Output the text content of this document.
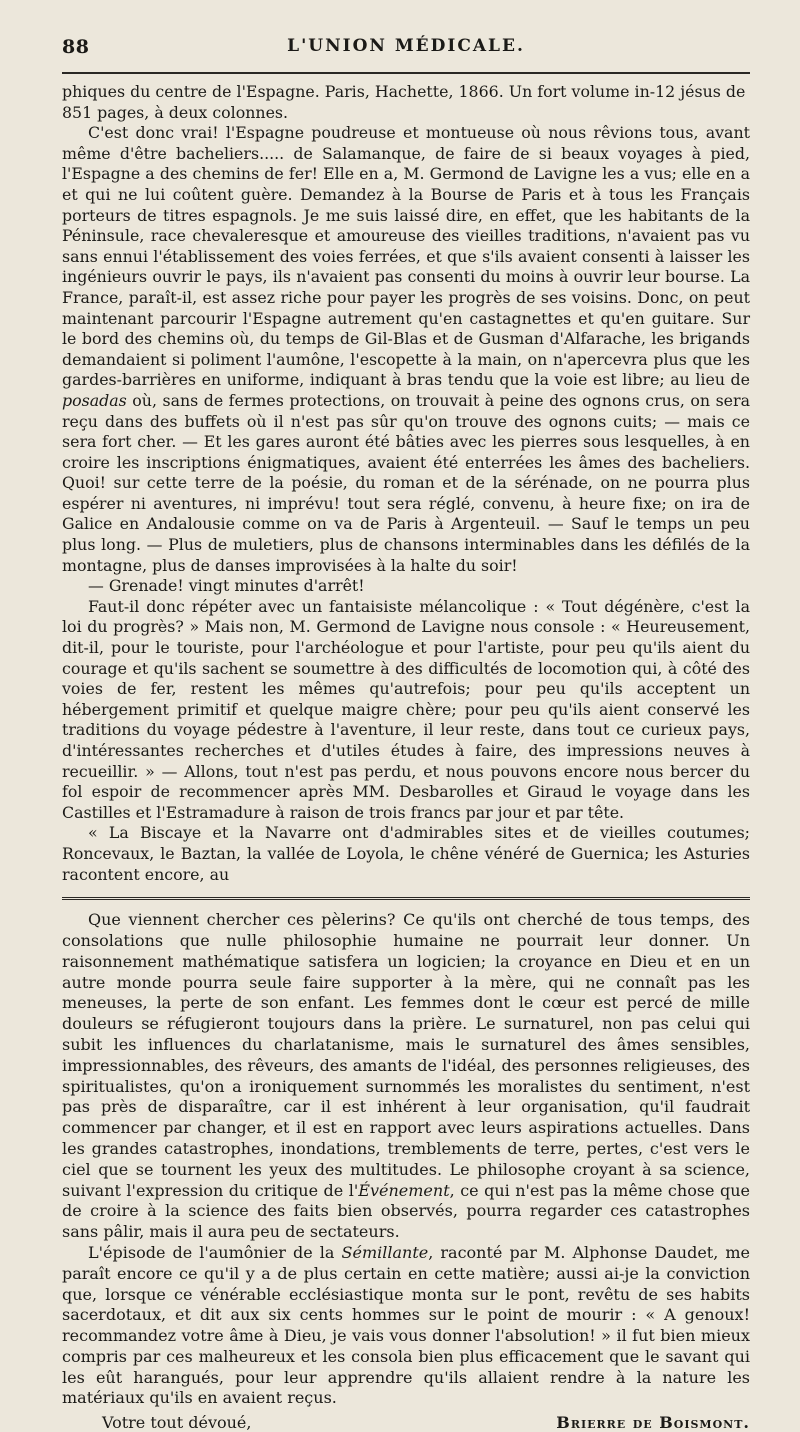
88	L'UNION MÉDICALE.

phiques du centre de l'Espagne. Paris, Hachette, 1866. Un fort volume in-12 jésus de
851 pages, à deux colonnes.

C'est donc vrai! l'Espagne poudreuse et montueuse où nous rêvions tous, avant même d'être bacheliers..... de Salamanque, de faire de si beaux voyages à pied, l'Espagne a des chemins de fer! Elle en a, M. Germond de Lavigne les a vus; elle en a et qui ne lui coûtent guère. Demandez à la Bourse de Paris et à tous les Français porteurs de titres espagnols. Je me suis laissé dire, en effet, que les habitants de la Péninsule, race chevaleresque et amoureuse des vieilles traditions, n'avaient pas vu sans ennui l'établissement des voies ferrées, et que s'ils avaient consenti à laisser les ingénieurs ouvrir le pays, ils n'avaient pas consenti du moins à ouvrir leur bourse. La France, paraît-il, est assez riche pour payer les progrès de ses voisins. Donc, on peut maintenant parcourir l'Espagne autrement qu'en castagnettes et qu'en guitare. Sur le bord des chemins où, du temps de Gil-Blas et de Gusman d'Alfarache, les brigands demandaient si poliment l'aumône, l'escopette à la main, on n'apercevra plus que les gardes-barrières en uniforme, indiquant à bras tendu que la voie est libre; au lieu de posadas où, sans de fermes protections, on trouvait à peine des ognons crus, on sera reçu dans des buffets où il n'est pas sûr qu'on trouve des ognons cuits; — mais ce sera fort cher. — Et les gares auront été bâties avec les pierres sous lesquelles, à en croire les inscriptions énigmatiques, avaient été enterrées les âmes des bacheliers. Quoi! sur cette terre de la poésie, du roman et de la sérénade, on ne pourra plus espérer ni aventures, ni imprévu! tout sera réglé, convenu, à heure fixe; on ira de Galice en Andalousie comme on va de Paris à Argenteuil. — Sauf le temps un peu plus long. — Plus de muletiers, plus de chansons interminables dans les défilés de la montagne, plus de danses improvisées à la halte du soir!

— Grenade! vingt minutes d'arrêt!

Faut-il donc répéter avec un fantaisiste mélancolique : « Tout dégénère, c'est la loi du progrès? » Mais non, M. Germond de Lavigne nous console : « Heureusement, dit-il, pour le touriste, pour l'archéologue et pour l'artiste, pour peu qu'ils aient du courage et qu'ils sachent se soumettre à des difficultés de locomotion qui, à côté des voies de fer, restent les mêmes qu'autrefois; pour peu qu'ils acceptent un hébergement primitif et quelque maigre chère; pour peu qu'ils aient conservé les traditions du voyage pédestre à l'aventure, il leur reste, dans tout ce curieux pays, d'intéressantes recherches et d'utiles études à faire, des impressions neuves à recueillir. » — Allons, tout n'est pas perdu, et nous pouvons encore nous bercer du fol espoir de recommencer après MM. Desbarolles et Giraud le voyage dans les Castilles et l'Estramadure à raison de trois francs par jour et par tête.

« La Biscaye et la Navarre ont d'admirables sites et de vieilles coutumes; Roncevaux, le Baztan, la vallée de Loyola, le chêne vénéré de Guernica; les Asturies racontent encore, au

Que viennent chercher ces pèlerins? Ce qu'ils ont cherché de tous temps, des consolations que nulle philosophie humaine ne pourrait leur donner. Un raisonnement mathématique satisfera un logicien; la croyance en Dieu et en un autre monde pourra seule faire supporter à la mère, qui ne connaît pas les meneuses, la perte de son enfant. Les femmes dont le cœur est percé de mille douleurs se réfugieront toujours dans la prière. Le surnaturel, non pas celui qui subit les influences du charlatanisme, mais le surnaturel des âmes sensibles, impressionnables, des rêveurs, des amants de l'idéal, des personnes religieuses, des spiritualistes, qu'on a ironiquement surnommés les moralistes du sentiment, n'est pas près de disparaître, car il est inhérent à leur organisation, qu'il faudrait commencer par changer, et il est en rapport avec leurs aspirations actuelles. Dans les grandes catastrophes, inondations, tremblements de terre, pertes, c'est vers le ciel que se tournent les yeux des multitudes. Le philosophe croyant à sa science, suivant l'expression du critique de l'Événement, ce qui n'est pas la même chose que de croire à la science des faits bien observés, pourra regarder ces catastrophes sans pâlir, mais il aura peu de sectateurs.

L'épisode de l'aumônier de la Sémillante, raconté par M. Alphonse Daudet, me paraît encore ce qu'il y a de plus certain en cette matière; aussi ai-je la conviction que, lorsque ce vénérable ecclésiastique monta sur le pont, revêtu de ses habits sacerdotaux, et dit aux six cents hommes sur le point de mourir : « A genoux! recommandez votre âme à Dieu, je vais vous donner l'absolution! » il fut bien mieux compris par ces malheureux et les consola bien plus efficacement que le savant qui les eût harangués, pour leur apprendre qu'ils allaient rendre à la nature les matériaux qu'ils en avaient reçus.

Votre tout dévoué,	Brierre de Boismont.
